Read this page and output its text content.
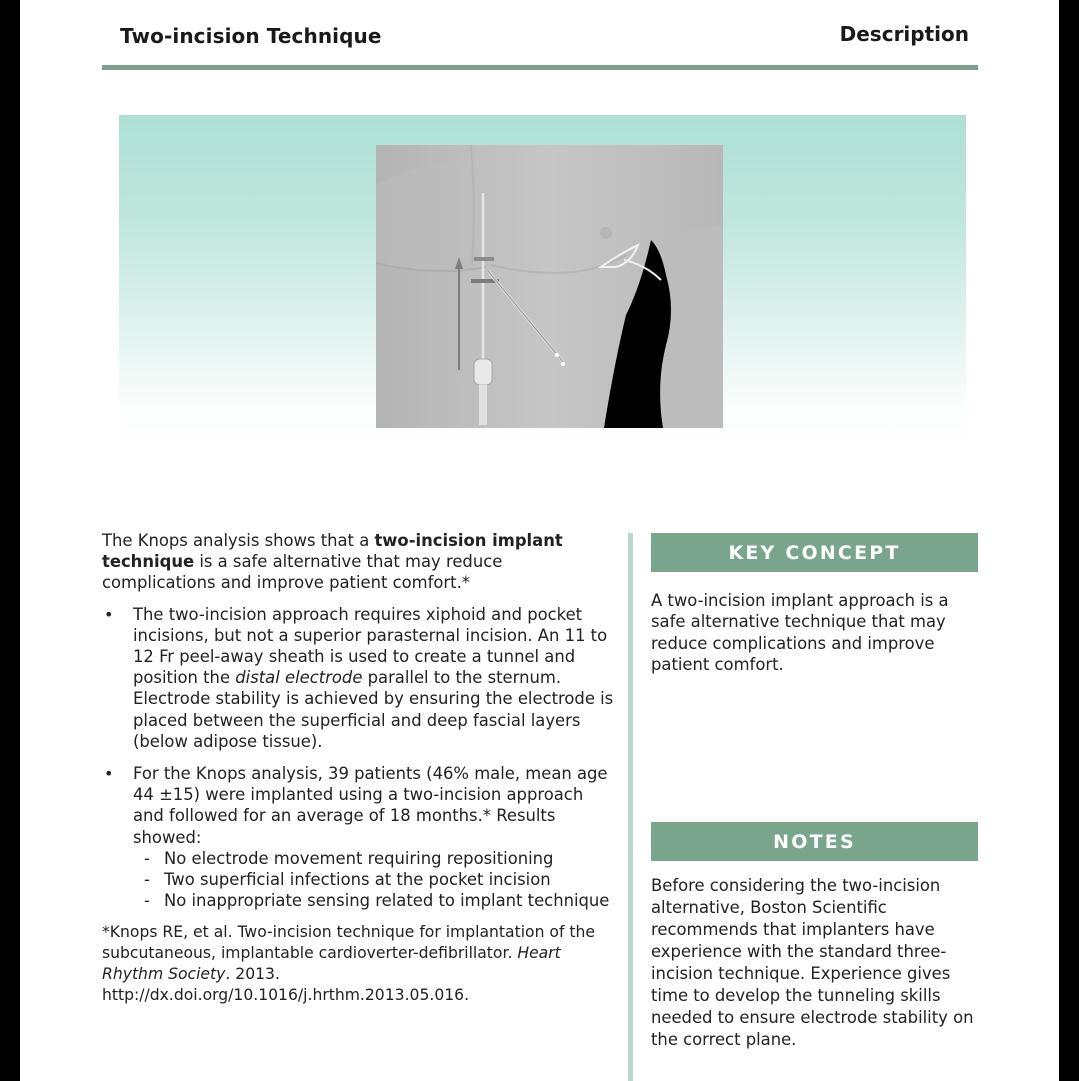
Two-incision Technique	Description

The Knops analysis shows that a two-incision implant technique is a safe alternative that may reduce complications and improve patient comfort.*

• The two-incision approach requires xiphoid and pocket incisions, but not a superior parasternal incision. An 11 to 12 Fr peel-away sheath is used to create a tunnel and position the distal electrode parallel to the sternum. Electrode stability is achieved by ensuring the electrode is placed between the superficial and deep fascial layers (below adipose tissue).
• For the Knops analysis, 39 patients (46% male, mean age 44 ±15) were implanted using a two-incision approach and followed for an average of 18 months.* Results showed:
- No electrode movement requiring repositioning
- Two superficial infections at the pocket incision
- No inappropriate sensing related to implant technique

*Knops RE, et al. Two-incision technique for implantation of the subcutaneous, implantable cardioverter-defibrillator. Heart Rhythm Society. 2013. http://dx.doi.org/10.1016/j.hrthm.2013.05.016.

KEY CONCEPT
A two-incision implant approach is a safe alternative technique that may reduce complications and improve patient comfort.
NOTES
Before considering the two-incision alternative, Boston Scientific recommends that implanters have experience with the standard three-incision technique. Experience gives time to develop the tunneling skills needed to ensure electrode stability on the correct plane.
